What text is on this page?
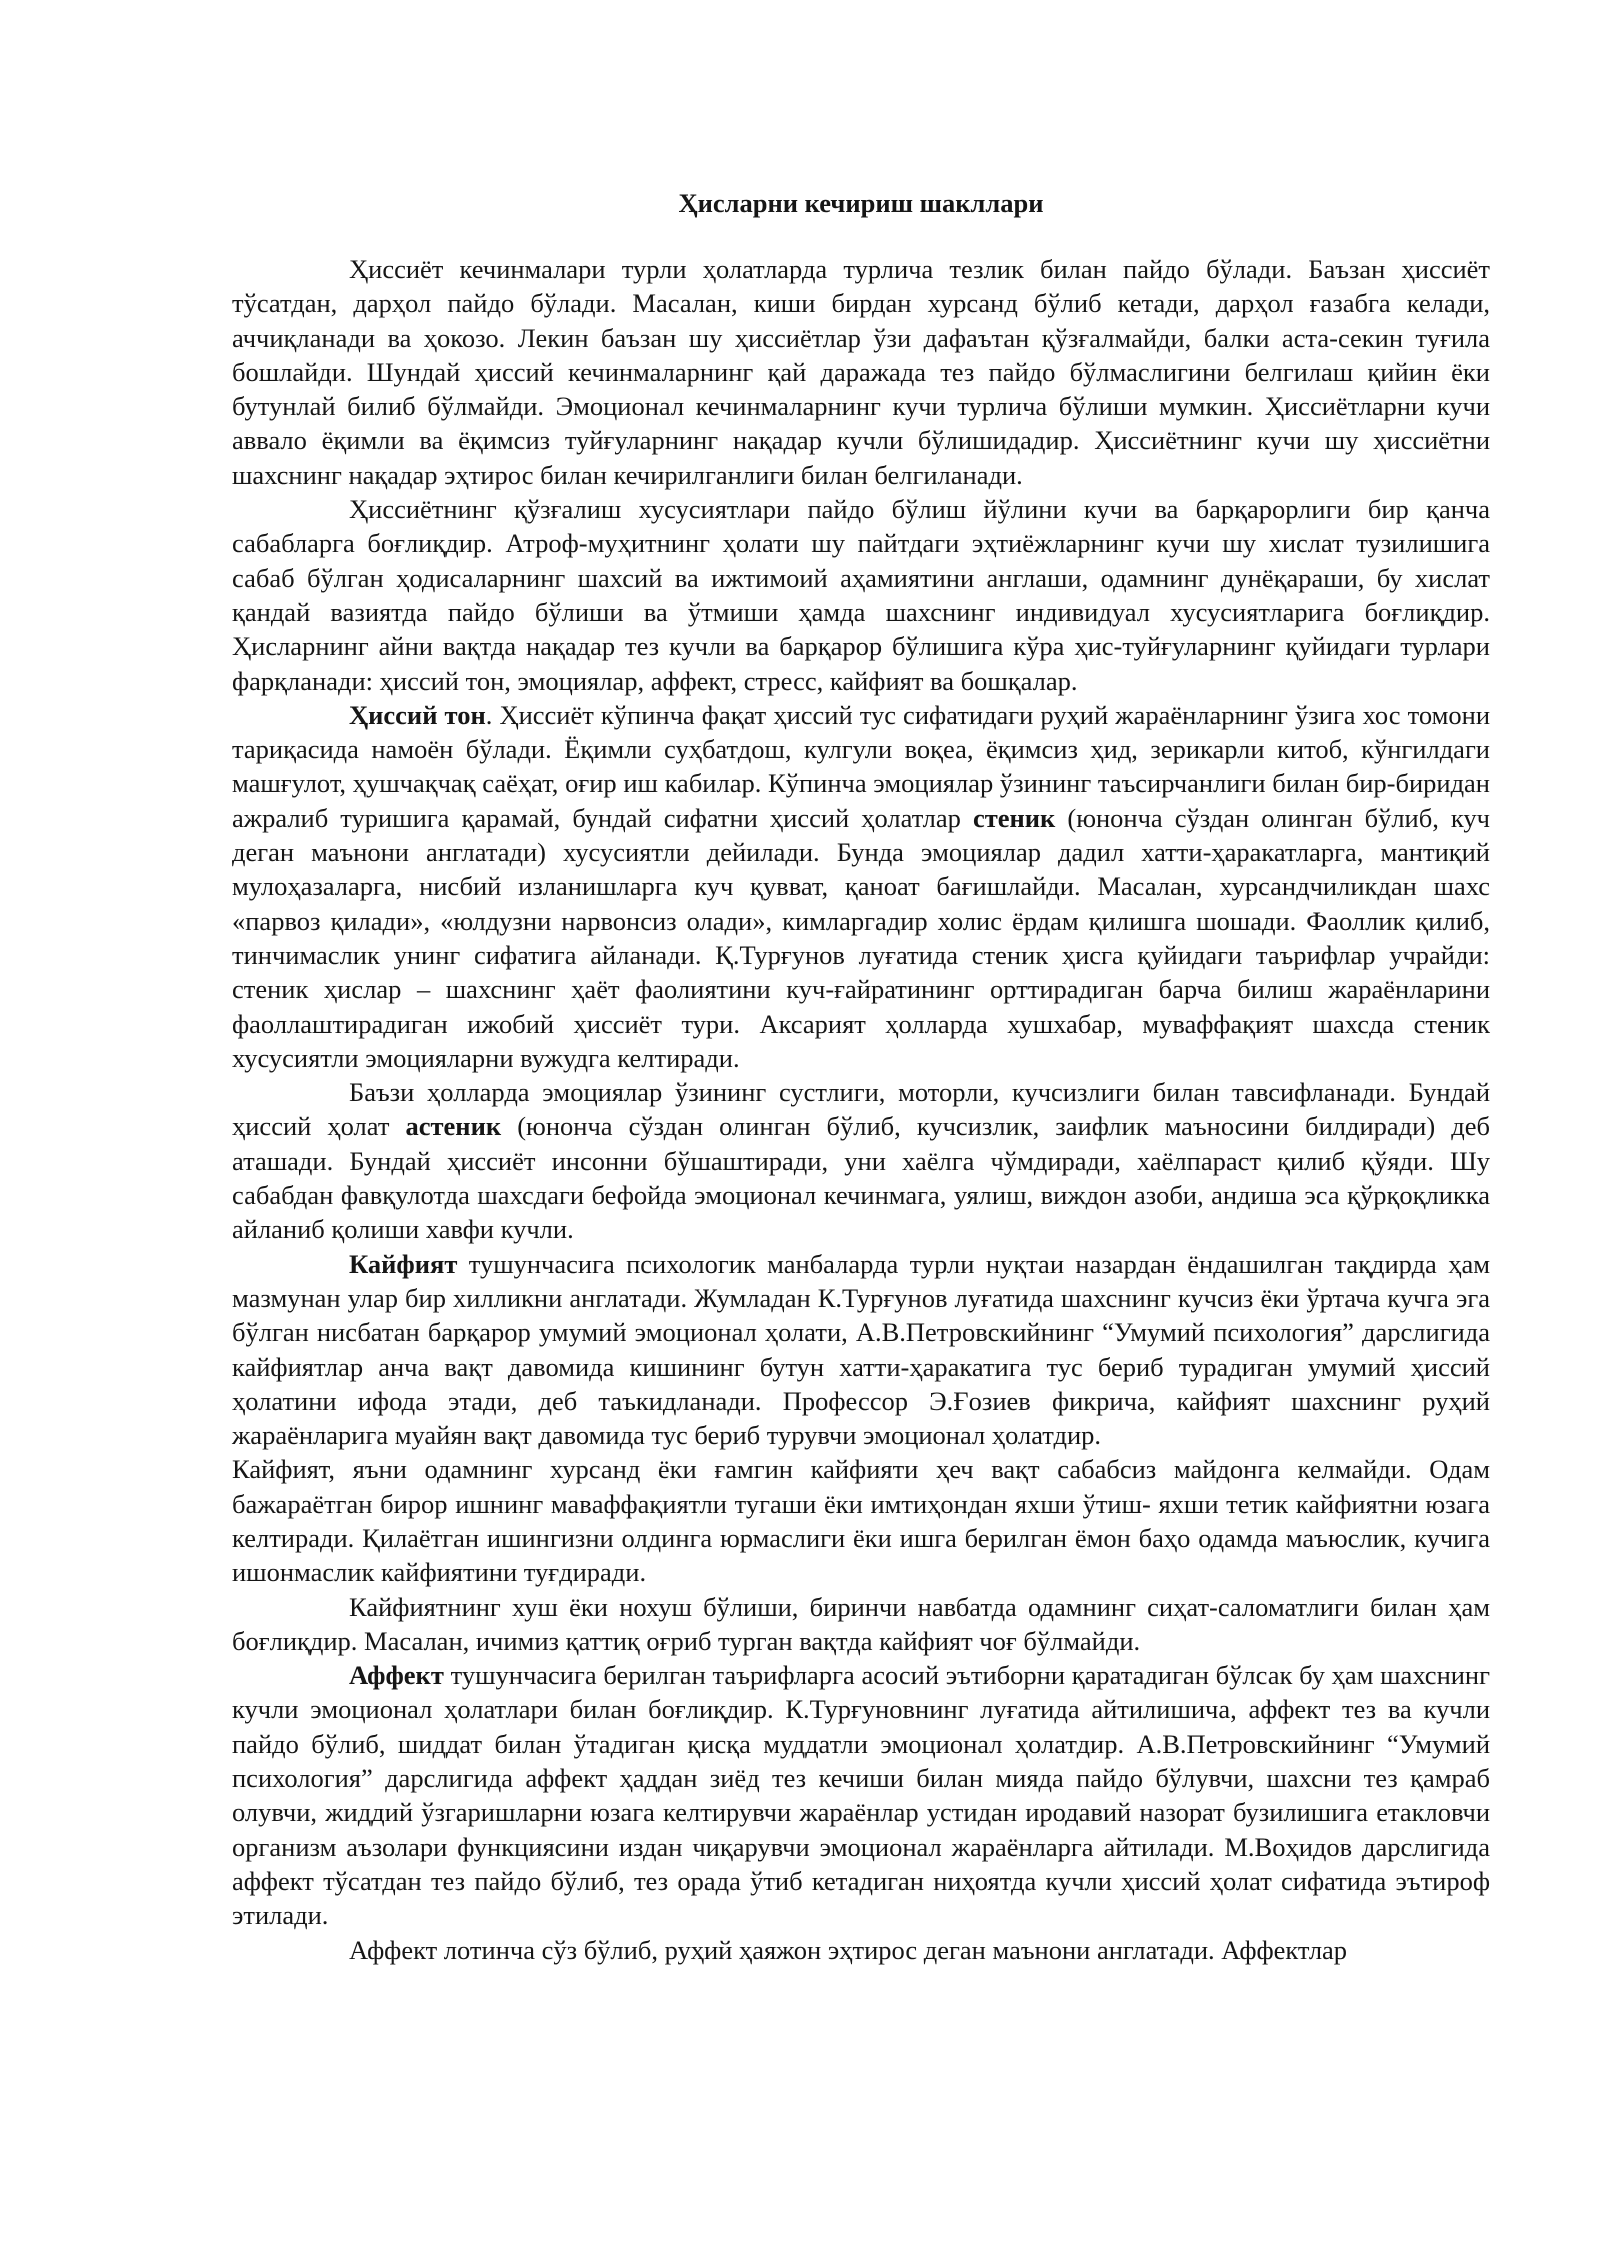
Ҳисларни кечириш шакллари

Ҳиссиёт кечинмалари турли ҳолатларда турлича тезлик билан пайдо бўлади. Баъзан ҳиссиёт тўсатдан, дарҳол пайдо бўлади. Масалан, киши бирдан хурсанд бўлиб кетади, дарҳол ғазабга келади, аччиқланади ва ҳокозо. Лекин баъзан шу ҳиссиётлар ўзи дафаътан қўзғалмайди, балки аста-секин туғила бошлайди. Шундай ҳиссий кечинмаларнинг қай даражада тез пайдо бўлмаслигини белгилаш қийин ёки бутунлай билиб бўлмайди. Эмоционал кечинмаларнинг кучи турлича бўлиши мумкин. Ҳиссиётларни кучи аввало ёқимли ва ёқимсиз туйғуларнинг нақадар кучли бўлишидадир. Ҳиссиётнинг кучи шу ҳиссиётни шахснинг нақадар эҳтирос билан кечирилганлиги билан белгиланади.

Ҳиссиётнинг қўзғалиш хусусиятлари пайдо бўлиш йўлини кучи ва барқарорлиги бир қанча сабабларга боғлиқдир. Атроф-муҳитнинг ҳолати шу пайтдаги эҳтиёжларнинг кучи шу хислат тузилишига сабаб бўлган ҳодисаларнинг шахсий ва ижтимоий аҳамиятини англаши, одамнинг дунёқараши, бу хислат қандай вазиятда пайдо бўлиши ва ўтмиши ҳамда шахснинг индивидуал хусусиятларига боғлиқдир. Ҳисларнинг айни вақтда нақадар тез кучли ва барқарор бўлишига кўра ҳис-туйғуларнинг қуйидаги турлари фарқланади: ҳиссий тон, эмоциялар, аффект, стресс, кайфият ва бошқалар.

Ҳиссий тон. Ҳиссиёт кўпинча фақат ҳиссий тус сифатидаги руҳий жараёнларнинг ўзига хос томони тариқасида намоён бўлади. Ёқимли суҳбатдош, кулгули воқеа, ёқимсиз ҳид, зерикарли китоб, кўнгилдаги машғулот, ҳушчақчақ саёҳат, оғир иш кабилар. Кўпинча эмоциялар ўзининг таъсирчанлиги билан бир-биридан ажралиб туришига қарамай, бундай сифатни ҳиссий ҳолатлар стеник (юнонча сўздан олинган бўлиб, куч деган маънони англатади) хусусиятли дейилади. Бунда эмоциялар дадил хатти-ҳаракатларга, мантиқий мулоҳазаларга, нисбий изланишларга куч қувват, қаноат бағишлайди. Масалан, хурсандчиликдан шахс «парвоз қилади», «юлдузни нарвонсиз олади», кимларгадир холис ёрдам қилишга шошади. Фаоллик қилиб, тинчимаслик унинг сифатига айланади. Қ.Турғунов луғатида стеник ҳисга қуйидаги таърифлар учрайди: стеник ҳислар – шахснинг ҳаёт фаолиятини куч-ғайратининг орттирадиган барча билиш жараёнларини фаоллаштирадиган ижобий ҳиссиёт тури. Аксарият ҳолларда хушхабар, муваффақият шахсда стеник хусусиятли эмоцияларни вужудга келтиради.

Баъзи ҳолларда эмоциялар ўзининг сустлиги, моторли, кучсизлиги билан тавсифланади. Бундай ҳиссий ҳолат астеник (юнонча сўздан олинган бўлиб, кучсизлик, заифлик маъносини билдиради) деб аташади. Бундай ҳиссиёт инсонни бўшаштиради, уни хаёлга чўмдиради, хаёлпараст қилиб қўяди. Шу сабабдан фавқулотда шахсдаги бефойда эмоционал кечинмага, уялиш, виждон азоби, андиша эса қўрқоқликка айланиб қолиши хавфи кучли.

Кайфият тушунчасига психологик манбаларда турли нуқтаи назардан ёндашилган тақдирда ҳам мазмунан улар бир хилликни англатади. Жумладан К.Турғунов луғатида шахснинг кучсиз ёки ўртача кучга эга бўлган нисбатан барқарор умумий эмоционал ҳолати, А.В.Петровскийнинг “Умумий психология” дарслигида кайфиятлар анча вақт давомида кишининг бутун хатти-ҳаракатига тус бериб турадиган умумий ҳиссий ҳолатини ифода этади, деб таъкидланади. Профессор Э.Ғозиев фикрича, кайфият шахснинг руҳий жараёнларига муайян вақт давомида тус бериб турувчи эмоционал ҳолатдир.

Кайфият, яъни одамнинг хурсанд ёки ғамгин кайфияти ҳеч вақт сабабсиз майдонга келмайди. Одам бажараётган бирор ишнинг мавaффақиятли тугаши ёки имтиҳондан яхши ўтиш- яхши тетик кайфиятни юзага келтиради. Қилаётган ишингизни олдинга юрмаслиги ёки ишга берилган ёмон баҳо одамда маъюслик, кучига ишонмаслик кайфиятини туғдиради.

Кайфиятнинг хуш ёки нохуш бўлиши, биринчи навбатда одамнинг сиҳат-саломатлиги билан ҳам боғлиқдир. Масалан, ичимиз қаттиқ оғриб турган вақтда кайфият чоғ бўлмайди.

Аффект тушунчасига берилган таърифларга асосий эътиборни қаратадиган бўлсак бу ҳам шахснинг кучли эмоционал ҳолатлари билан боғлиқдир. К.Турғуновнинг луғатида айтилишича, аффект тез ва кучли пайдо бўлиб, шиддат билан ўтадиган қисқа муддатли эмоционал ҳолатдир. А.В.Петровскийнинг “Умумий психология” дарслигида аффект ҳаддан зиёд тез кечиши билан мияда пайдо бўлувчи, шахсни тез қамраб олувчи, жиддий ўзгаришларни юзага келтирувчи жараёнлар устидан иродавий назорат бузилишига етакловчи организм аъзолари функциясини издан чиқарувчи эмоционал жараёнларга айтилади. М.Воҳидов дарслигида аффект тўсатдан тез пайдо бўлиб, тез орада ўтиб кетадиган ниҳоятда кучли ҳиссий ҳолат сифатида эътироф этилади.

Аффект лотинча сўз бўлиб, руҳий ҳаяжон эҳтирос деган маънони англатади. Аффектлар
